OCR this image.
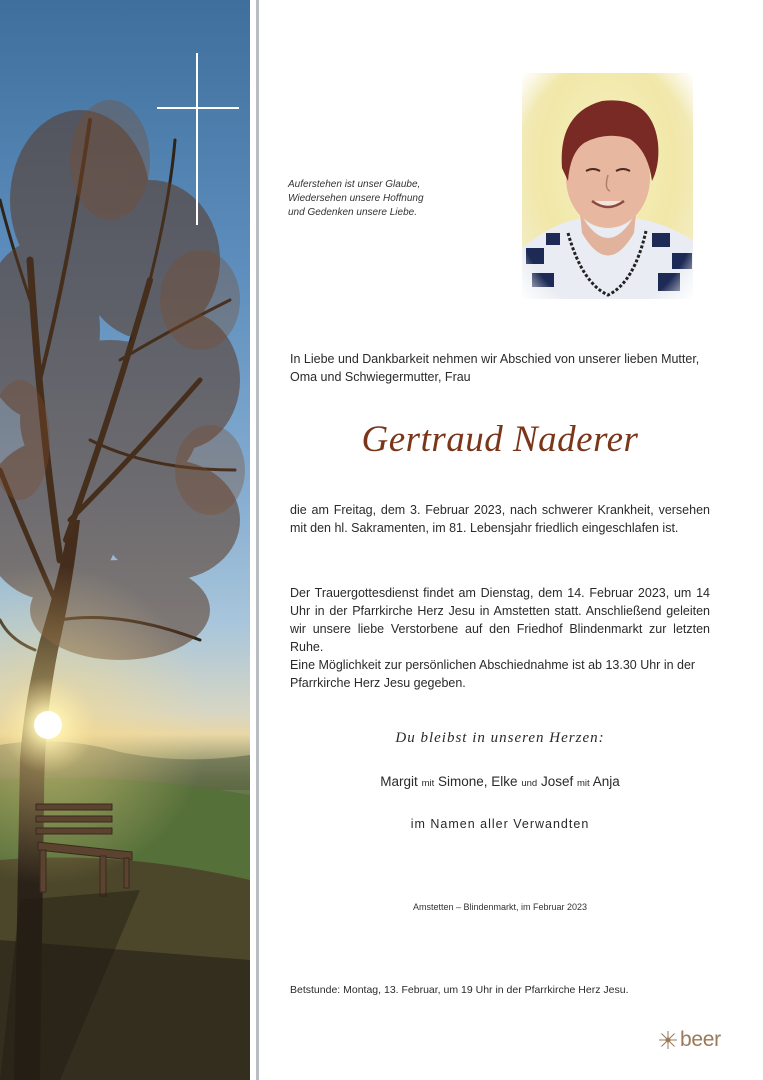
Auferstehen ist unser Glaube,
Wiedersehen unsere Hoffnung
und Gedenken unsere Liebe.
In Liebe und Dankbarkeit nehmen wir Abschied von unserer lieben Mutter, Oma und Schwiegermutter, Frau
Gertraud Naderer
die am Freitag, dem 3. Februar 2023, nach schwerer Krankheit, versehen mit den hl. Sakramenten, im 81. Lebensjahr friedlich eingeschlafen ist.
Der Trauergottesdienst findet am Dienstag, dem 14. Februar 2023, um 14 Uhr in der Pfarrkirche Herz Jesu in Amstetten statt. Anschließend geleiten wir unsere liebe Verstorbene auf den Friedhof Blindenmarkt zur letzten Ruhe.
Eine Möglichkeit zur persönlichen Abschiednahme ist ab 13.30 Uhr in der Pfarrkirche Herz Jesu gegeben.
Du bleibst in unseren Herzen:
Margit mit Simone, Elke und Josef mit Anja
im Namen aller Verwandten
Amstetten – Blindenmarkt, im Februar 2023
Betstunde: Montag, 13. Februar, um 19 Uhr in der Pfarrkirche Herz Jesu.
beer
